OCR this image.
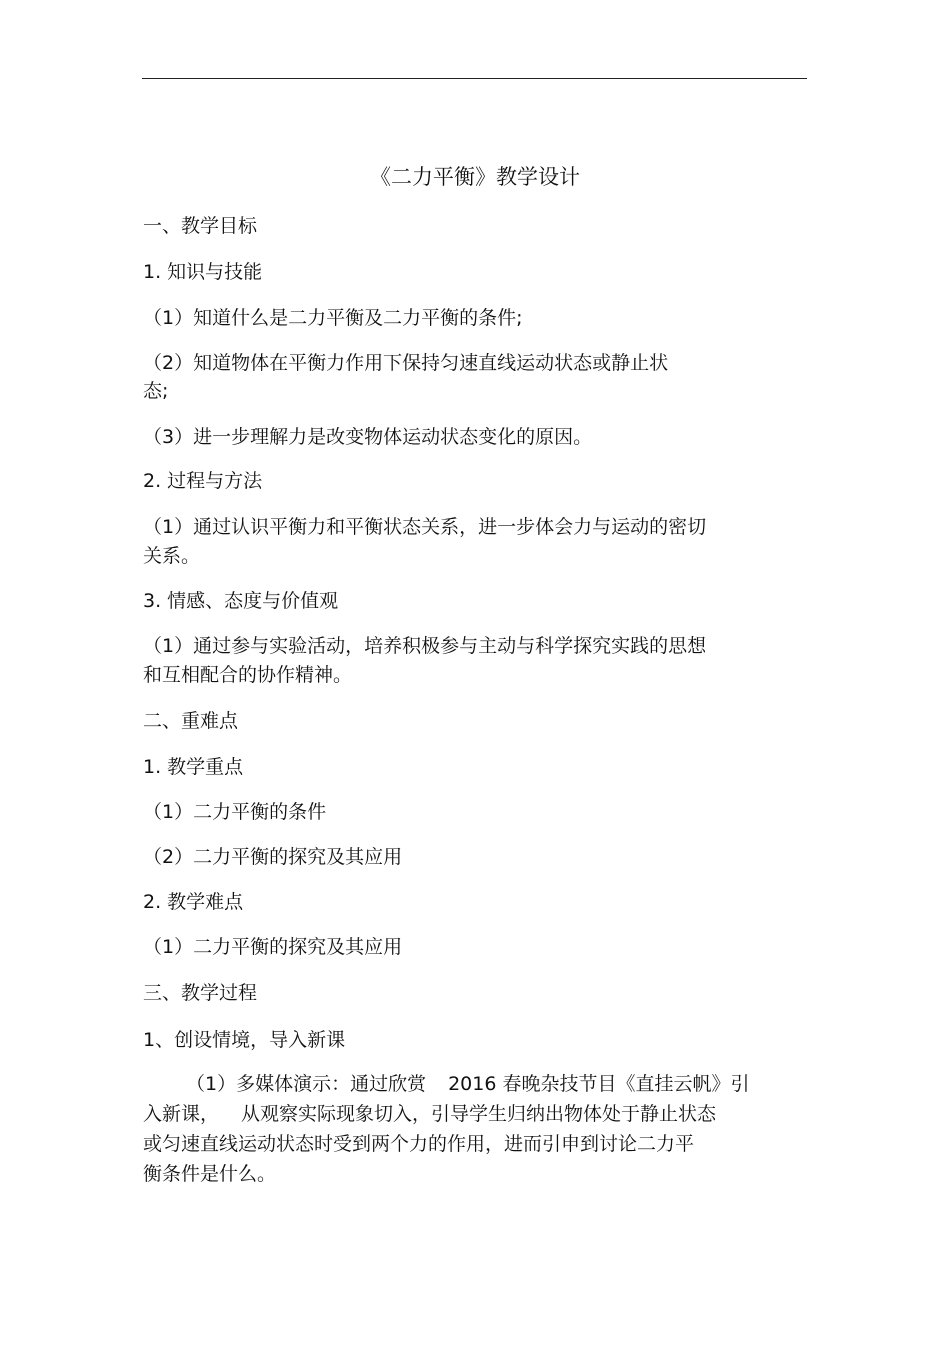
《二力平衡》教学设计
一、教学目标
1. 知识与技能
（1）知道什么是二力平衡及二力平衡的条件;
（2）知道物体在平衡力作用下保持匀速直线运动状态或静止状
态;
（3）进一步理解力是改变物体运动状态变化的原因。
2. 过程与方法
（1）通过认识平衡力和平衡状态关系，进一步体会力与运动的密切
关系。
3. 情感、态度与价值观
（1）通过参与实验活动，培养积极参与主动与科学探究实践的思想
和互相配合的协作精神。
二、重难点
1. 教学重点
（1）二力平衡的条件
（2）二力平衡的探究及其应用
2. 教学难点
（1）二力平衡的探究及其应用
三、教学过程
1、创设情境，导入新课
（1）多媒体演示：通过欣赏 2016 春晚杂技节目《直挂云帆》引
入新课， 从观察实际现象切入，引导学生归纳出物体处于静止状态
或匀速直线运动状态时受到两个力的作用，进而引申到讨论二力平
衡条件是什么。
